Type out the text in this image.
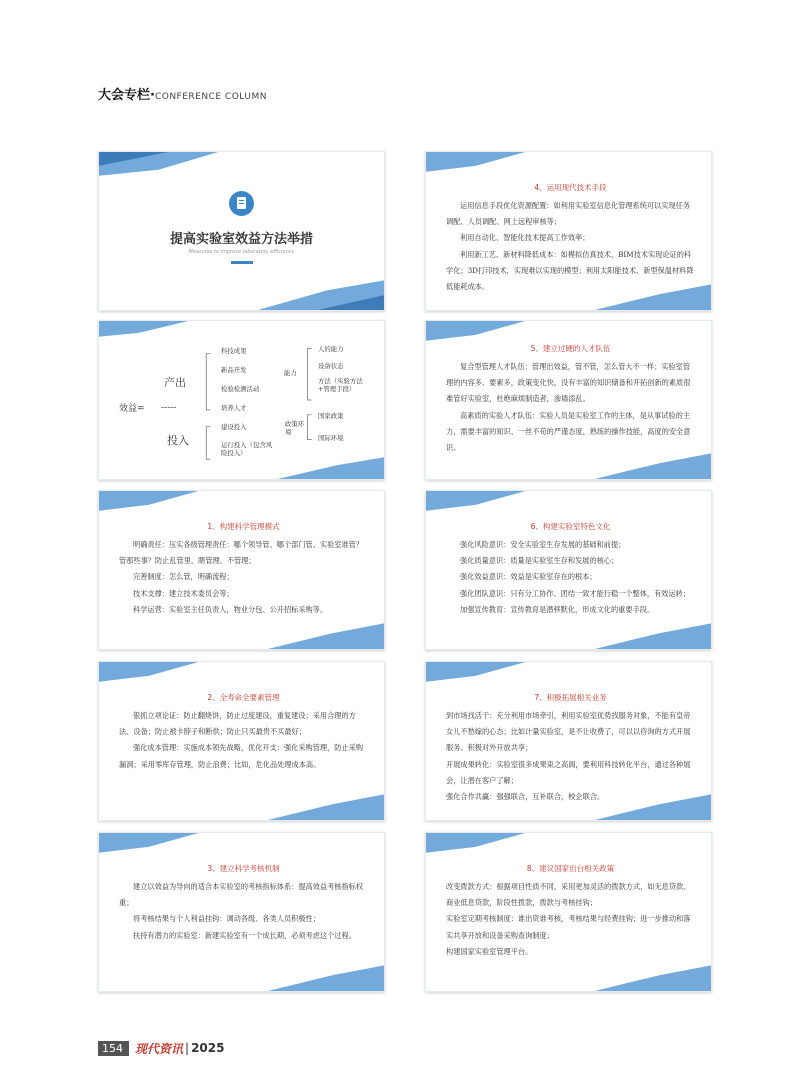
大会专栏·CONFERENCE COLUMN
提高实验室效益方法举措
Measures to improve laboratory efficiency
效益= -----
产出
投入
科技成果
新品开发
检验检测活动
培养人才
建设投入
运行投入（包含风险投入）
能力
人的能力
设备状态
方法（实验方法+管理手段）
政策环境
国家政策
国际环境
1、构建科学管理模式
明确责任：压实各级管理责任：哪个领导管、哪个部门管、实验室谁管？管那些事？防止乱管里、瞎管理、不管理；
完善制度：怎么管，明确流程；
技术支撑：建立技术委员会等；
科学运营：实验室主任负责人，物业分包、公开招标采购等。
2、全寿命全要素管理
狠抓立项论证：防止翻烧饼，防止过度建设，重复建设；采用合理的方法、设备；防止被卡脖子和断供；防止只买最贵不买最好；
强化成本管理：实施成本领先战略，优化开支：强化采购管理，防止采购漏洞；采用零库存管理，防止浪费；比如，危化品处理成本高。
3、建立科学考核机制
建立以效益为导向的适合本实验室的考核指标体系：提高效益考核指标权重；
将考核结果与个人利益挂钩：调动各级、各类人员积极性；
扶持有潜力的实验室：新建实验室有一个成长期，必须考虑这个过程。
4、运用现代技术手段
运用信息手段优化资源配置：如利用实验室信息化管理系统可以实现任务调配、人员调配、网上远程审核等；
利用自动化、智能化技术提高工作效率；
利用新工艺、新材料降低成本：如模拟仿真技术，BIM技术实现论证的科学化；3D打印技术，实现难以实现的模型；利用太阳能技术、新型保温材料降低能耗成本。
5、建立过硬的人才队伍
复合型管理人才队伍：管理出效益，管不管，怎么管大不一样；实验室管理的内容多、要素多，政策变化快，没有丰富的知识储备和开拓创新的素质很难管好实验室，杜绝麻烦制造者，渗墙添乱。
高素质的实验人才队伍：实验人员是实验室工作的主体，是从事试验的主力，需要丰富的知识、一丝不苟的严谨态度，熟练的操作技能，高度的安全意识。
6、构建实验室特色文化
强化风险意识：安全实验室生存发展的基础和前提；
强化质量意识：质量是实验室生存和发展的核心；
强化效益意识：效益是实验室存在的根本；
强化团队意识：只有分工协作、团结一致才能行稳一个整体，有效运转；
加强宣传教育：宣传教育是潜移默化，形成文化的重要手段。
7、积极拓展相关业务
到市场找活干：充分利用市场牵引，利用实验室优势找服务对象，不能有皇帝女儿不愁嫁的心态；比如计量实验室，是不让收费了，可以以咨询的方式开展服务、积极对外开放共享；
开展成果转化：实验室很多成果束之高阁，要利用科技转化平台，通过各种展会，让潜在客户了解；
强化合作共赢：强强联合，互补联合，校企联合。
8、建议国家出台相关政策
改变拨款方式：根据项目性质不同，采用更加灵活的拨款方式，如无息贷款、商业低息贷款，阶段性拨款，拨款与考核挂钩；
实验室定期考核制度：谁出资谁考核，考核结果与经费挂钩；进一步推动和落实共享开放和设备采购查询制度；
构建国家实验室管理平台。
154	现代资讯 | 2025
